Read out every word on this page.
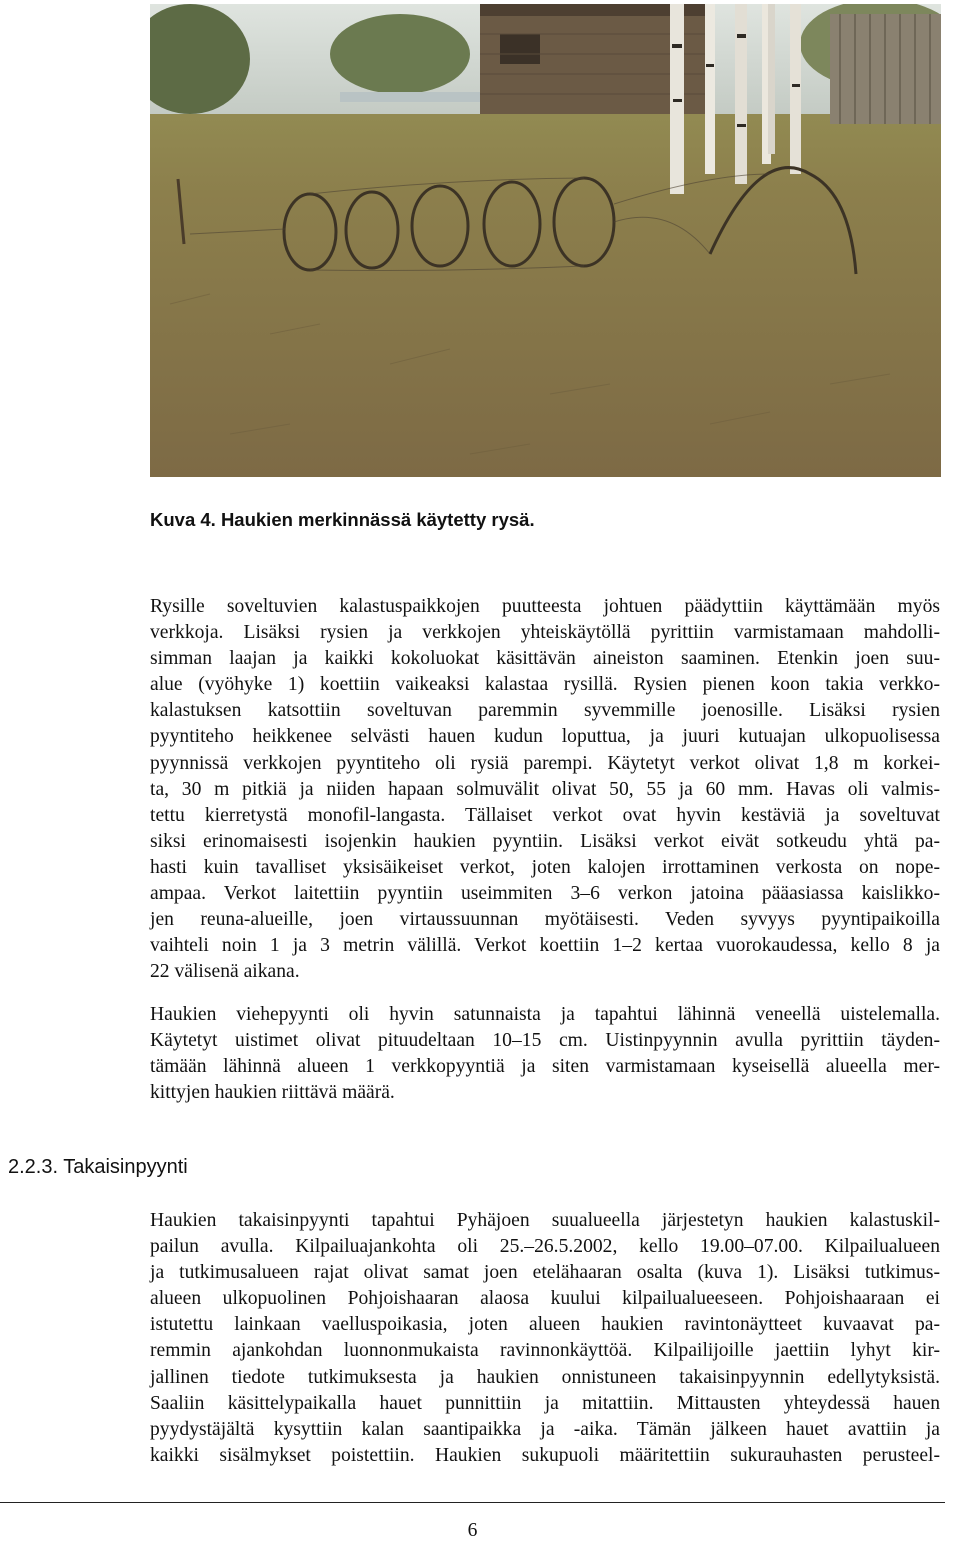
Kuva 4. Haukien merkinnässä käytetty rysä.
Rysille soveltuvien kalastuspaikkojen puutteesta johtuen päädyttiin käyttämään myös
verkkoja. Lisäksi rysien ja verkkojen yhteiskäytöllä pyrittiin varmistamaan mahdolli-
simman laajan ja kaikki kokoluokat käsittävän aineiston saaminen. Etenkin joen suu-
alue (vyöhyke 1) koettiin vaikeaksi kalastaa rysillä. Rysien pienen koon takia verkko-
kalastuksen katsottiin soveltuvan paremmin syvemmille joenosille. Lisäksi rysien
pyyntiteho heikkenee selvästi hauen kudun loputtua, ja juuri kutuajan ulkopuolisessa
pyynnissä verkkojen pyyntiteho oli rysiä parempi. Käytetyt verkot olivat 1,8 m korkei-
ta, 30 m pitkiä ja niiden hapaan solmuvälit olivat 50, 55 ja 60 mm. Havas oli valmis-
tettu kierretystä monofil-langasta. Tällaiset verkot ovat hyvin kestäviä ja soveltuvat
siksi erinomaisesti isojenkin haukien pyyntiin. Lisäksi verkot eivät sotkeudu yhtä pa-
hasti kuin tavalliset yksisäikeiset verkot, joten kalojen irrottaminen verkosta on nope-
ampaa. Verkot laitettiin pyyntiin useimmiten 3–6 verkon jatoina pääasiassa kaislikko-
jen reuna-alueille, joen virtaussuunnan myötäisesti. Veden syvyys pyyntipaikoilla
vaihteli noin 1 ja 3 metrin välillä. Verkot koettiin 1–2 kertaa vuorokaudessa, kello 8 ja
22 välisenä aikana.
Haukien viehepyynti oli hyvin satunnaista ja tapahtui lähinnä veneellä uistelemalla.
Käytetyt uistimet olivat pituudeltaan 10–15 cm. Uistinpyynnin avulla pyrittiin täyden-
tämään lähinnä alueen 1 verkkopyyntiä ja siten varmistamaan kyseisellä alueella mer-
kittyjen haukien riittävä määrä.
2.2.3. Takaisinpyynti
Haukien takaisinpyynti tapahtui Pyhäjoen suualueella järjestetyn haukien kalastuskil-
pailun avulla. Kilpailuajankohta oli 25.–26.5.2002, kello 19.00–07.00. Kilpailualueen
ja tutkimusalueen rajat olivat samat joen etelähaaran osalta (kuva 1). Lisäksi tutkimus-
alueen ulkopuolinen Pohjoishaaran alaosa kuului kilpailualueeseen. Pohjoishaaraan ei
istutettu lainkaan vaelluspoikasia, joten alueen haukien ravintonäytteet kuvaavat pa-
remmin ajankohdan luonnonmukaista ravinnonkäyttöä. Kilpailijoille jaettiin lyhyt kir-
jallinen tiedote tutkimuksesta ja haukien onnistuneen takaisinpyynnin edellytyksistä.
Saaliin käsittelypaikalla hauet punnittiin ja mitattiin. Mittausten yhteydessä hauen
pyydystäjältä kysyttiin kalan saantipaikka ja -aika. Tämän jälkeen hauet avattiin ja
kaikki sisälmykset poistettiin. Haukien sukupuoli määritettiin sukurauhasten perusteel-
6
